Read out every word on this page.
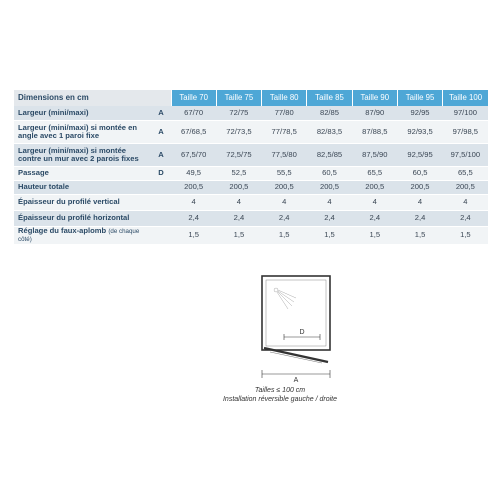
Dimensions en cm		Taille 70	Taille 75	Taille 80	Taille 85	Taille 90	Taille 95	Taille 100
Largeur (mini/maxi)	A	67/70	72/75	77/80	82/85	87/90	92/95	97/100
Largeur (mini/maxi) si montée en angle avec 1 paroi fixe	A	67/68,5	72/73,5	77/78,5	82/83,5	87/88,5	92/93,5	97/98,5
Largeur (mini/maxi) si montée contre un mur avec 2 parois fixes	A	67,5/70	72,5/75	77,5/80	82,5/85	87,5/90	92,5/95	97,5/100
Passage	D	49,5	52,5	55,5	60,5	65,5	60,5	65,5
Hauteur totale		200,5	200,5	200,5	200,5	200,5	200,5	200,5
Épaisseur du profilé vertical		4	4	4	4	4	4	4
Épaisseur du profilé horizontal		2,4	2,4	2,4	2,4	2,4	2,4	2,4
Réglage du faux-aplomb (de chaque côté)		1,5	1,5	1,5	1,5	1,5	1,5	1,5
D
A
Tailles ≤ 100 cm
Installation réversible gauche / droite
